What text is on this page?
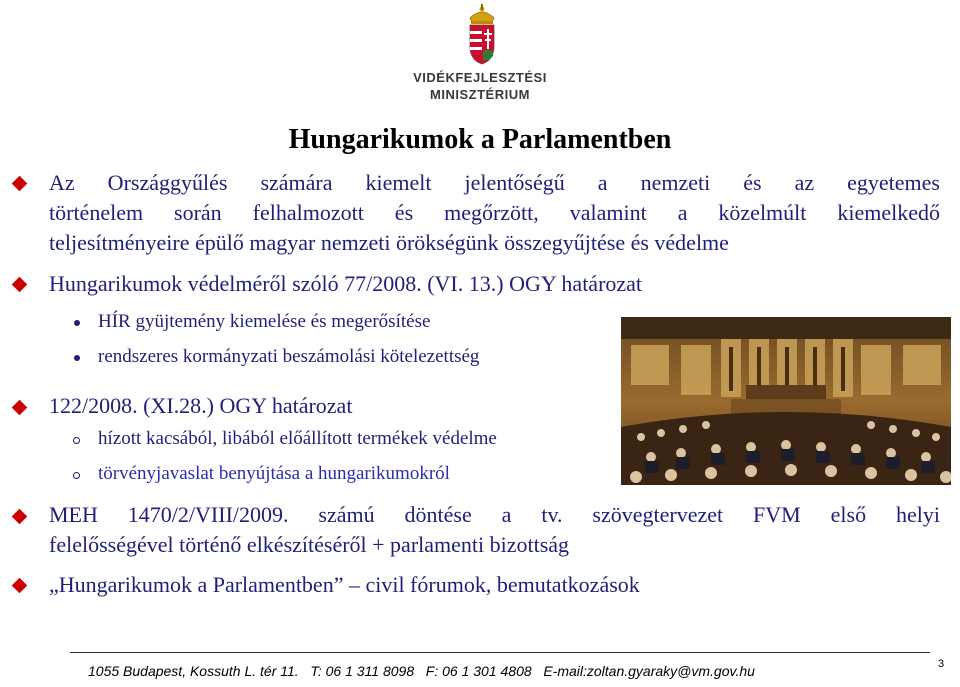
VIDÉKFEJLESZTÉSI
MINISZTÉRIUM
Hungarikumok a Parlamentben
Az Országgyűlés számára kiemelt jelentőségű a nemzeti és az egyetemes
történelem során felhalmozott és megőrzött, valamint a közelmúlt kiemelkedő
teljesítményeire épülő magyar nemzeti örökségünk összegyűjtése és védelme
Hungarikumok védelméről szóló 77/2008. (VI. 13.) OGY határozat
HÍR gyüjtemény kiemelése és megerősítése
rendszeres kormányzati beszámolási kötelezettség
122/2008. (XI.28.) OGY határozat
hízott kacsából, libából előállított termékek védelme
törvényjavaslat benyújtása a hungarikumokról
MEH 1470/2/VIII/2009. számú döntése a tv. szövegtervezet FVM első helyi
felelősségével történő elkészítéséről + parlamenti bizottság
„Hungarikumok a Parlamentben” – civil fórumok, bemutatkozások
1055 Budapest, Kossuth L. tér 11.   T: 06 1 311 8098   F: 06 1 301 4808   E-mail:zoltan.gyaraky@vm.gov.hu	3
